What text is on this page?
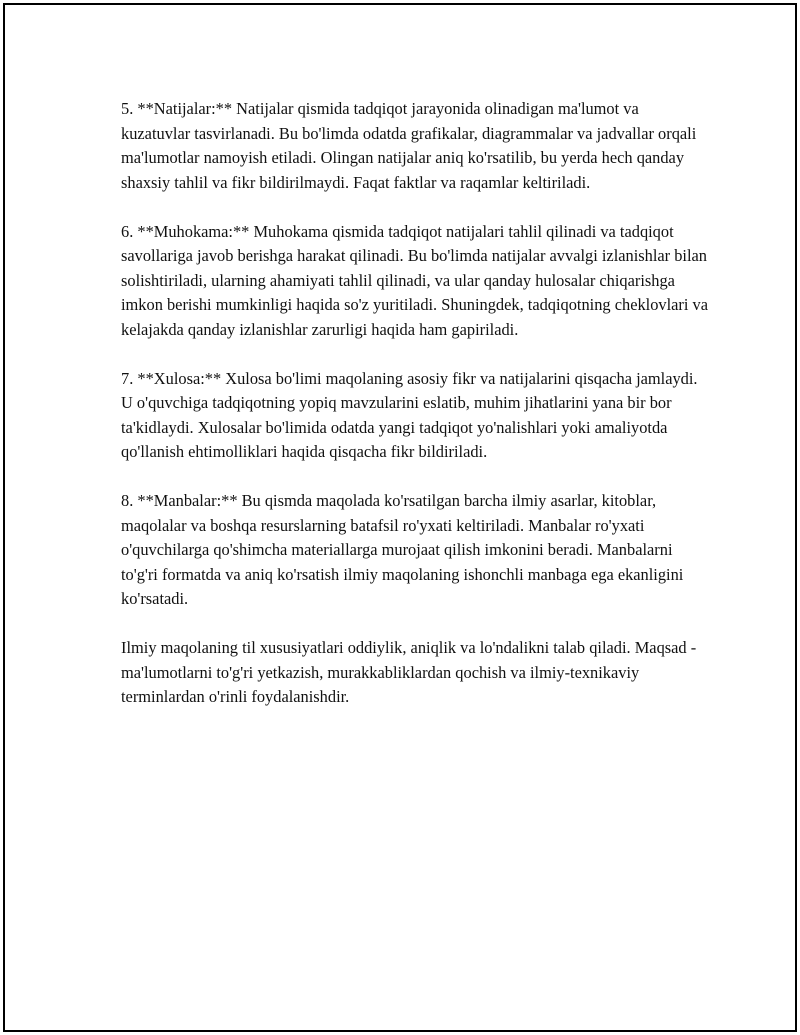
5. **Natijalar:** Natijalar qismida tadqiqot jarayonida olinadigan ma'lumot va kuzatuvlar tasvirlanadi. Bu bo'limda odatda grafikalar, diagrammalar va jadvallar orqali ma'lumotlar namoyish etiladi. Olingan natijalar aniq ko'rsatilib, bu yerda hech qanday shaxsiy tahlil va fikr bildirilmaydi. Faqat faktlar va raqamlar keltiriladi.

6. **Muhokama:** Muhokama qismida tadqiqot natijalari tahlil qilinadi va tadqiqot savollariga javob berishga harakat qilinadi. Bu bo'limda natijalar avvalgi izlanishlar bilan solishtiriladi, ularning ahamiyati tahlil qilinadi, va ular qanday hulosalar chiqarishga imkon berishi mumkinligi haqida so'z yuritiladi. Shuningdek, tadqiqotning cheklovlari va kelajakda qanday izlanishlar zarurligi haqida ham gapiriladi.

7. **Xulosa:** Xulosa bo'limi maqolaning asosiy fikr va natijalarini qisqacha jamlaydi. U o'quvchiga tadqiqotning yopiq mavzularini eslatib, muhim jihatlarini yana bir bor ta'kidlaydi. Xulosalar bo'limida odatda yangi tadqiqot yo'nalishlari yoki amaliyotda qo'llanish ehtimolliklari haqida qisqacha fikr bildiriladi.

8. **Manbalar:** Bu qismda maqolada ko'rsatilgan barcha ilmiy asarlar, kitoblar, maqolalar va boshqa resurslarning batafsil ro'yxati keltiriladi. Manbalar ro'yxati o'quvchilarga qo'shimcha materiallarga murojaat qilish imkonini beradi. Manbalarni to'g'ri formatda va aniq ko'rsatish ilmiy maqolaning ishonchli manbaga ega ekanligini ko'rsatadi.

Ilmiy maqolaning til xususiyatlari oddiylik, aniqlik va lo'ndalikni talab qiladi. Maqsad - ma'lumotlarni to'g'ri yetkazish, murakkabliklardan qochish va ilmiy-texnikaviy terminlardan o'rinli foydalanishdir.
